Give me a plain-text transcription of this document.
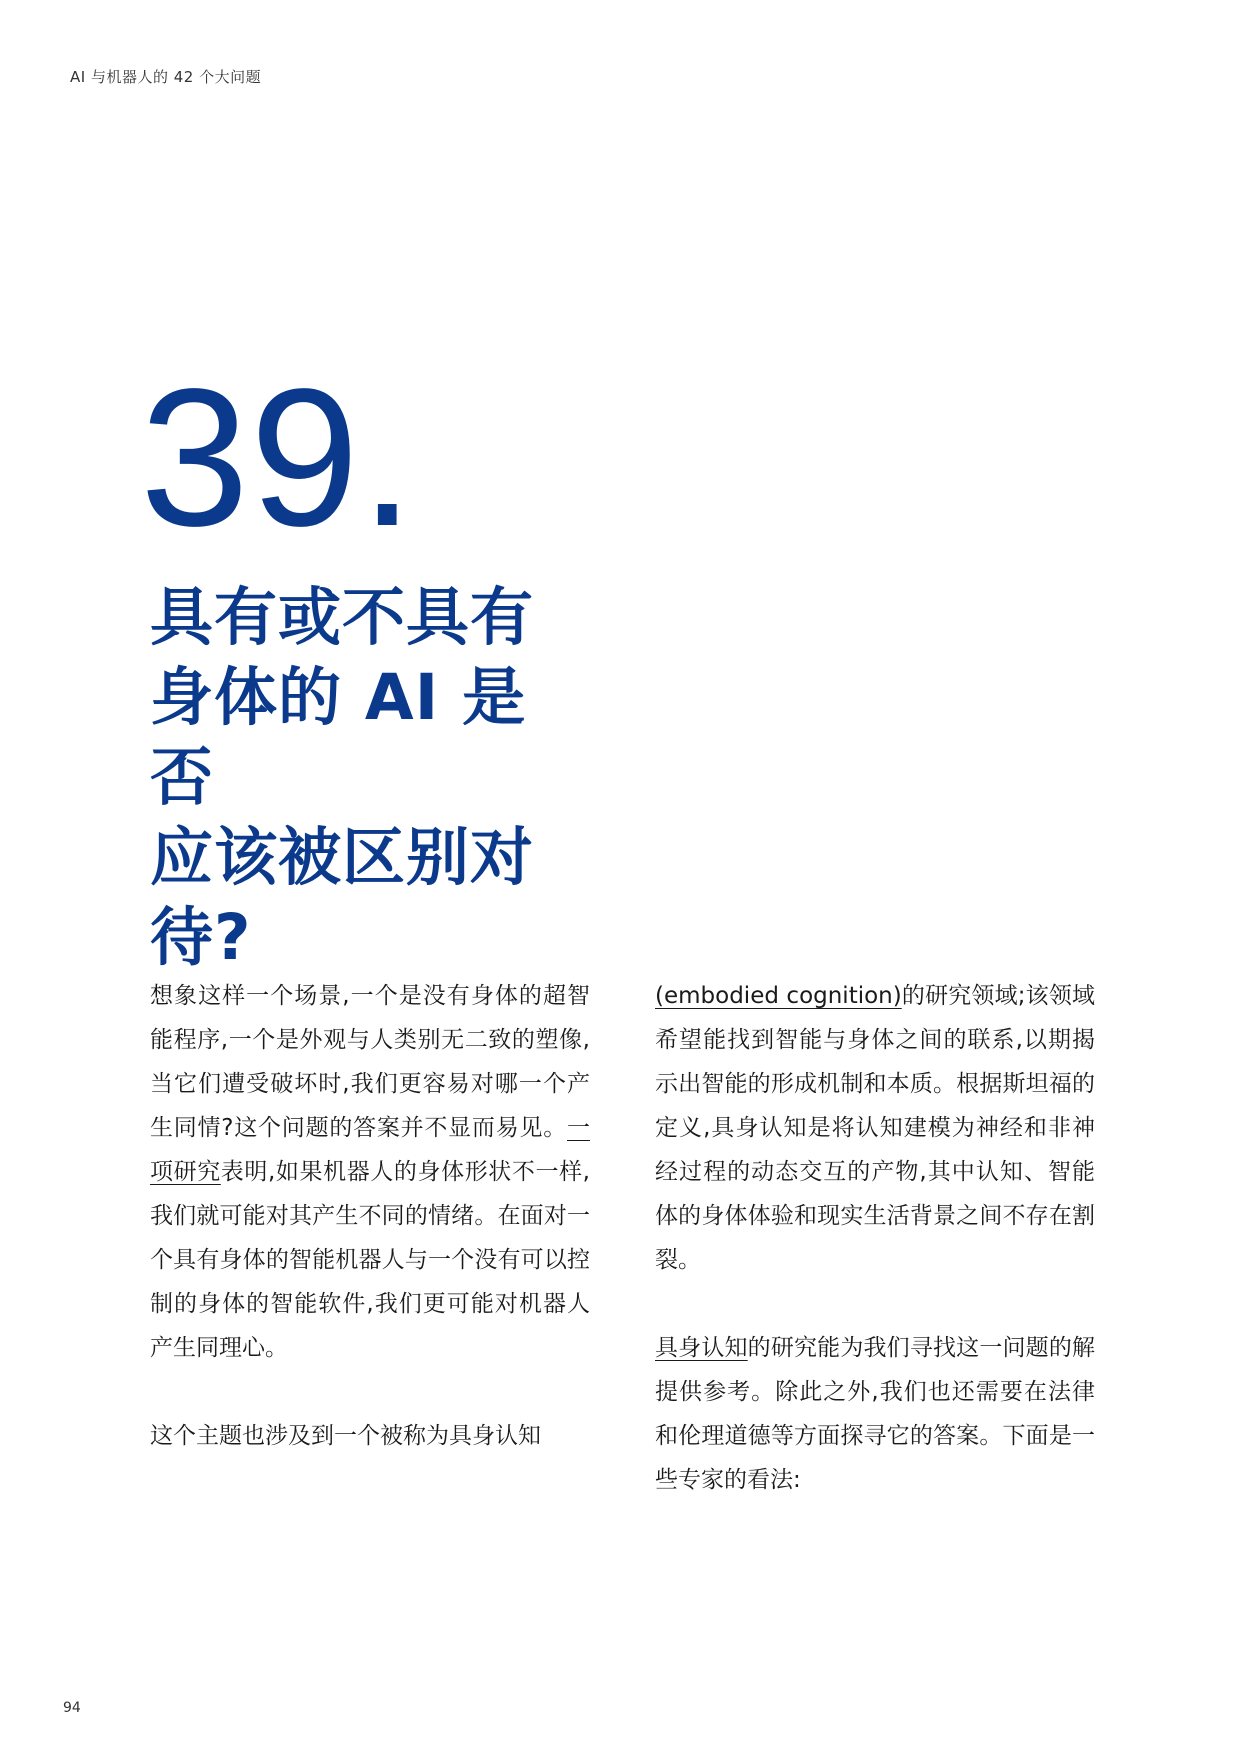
AI 与机器人的 42 个大问题
39.
具有或不具有
身体的 AI 是否
应该被区别对
待?

想象这样一个场景,一个是没有身体的超智能程序,一个是外观与人类别无二致的塑像,当它们遭受破坏时,我们更容易对哪一个产生同情?这个问题的答案并不显而易见。一项研究表明,如果机器人的身体形状不一样,我们就可能对其产生不同的情绪。在面对一个具有身体的智能机器人与一个没有可以控制的身体的智能软件,我们更可能对机器人产生同理心。

这个主题也涉及到一个被称为具身认知

(embodied cognition)的研究领域;该领域希望能找到智能与身体之间的联系,以期揭示出智能的形成机制和本质。根据斯坦福的定义,具身认知是将认知建模为神经和非神经过程的动态交互的产物,其中认知、智能体的身体体验和现实生活背景之间不存在割裂。

具身认知的研究能为我们寻找这一问题的解提供参考。除此之外,我们也还需要在法律和伦理道德等方面探寻它的答案。下面是一些专家的看法:

94
